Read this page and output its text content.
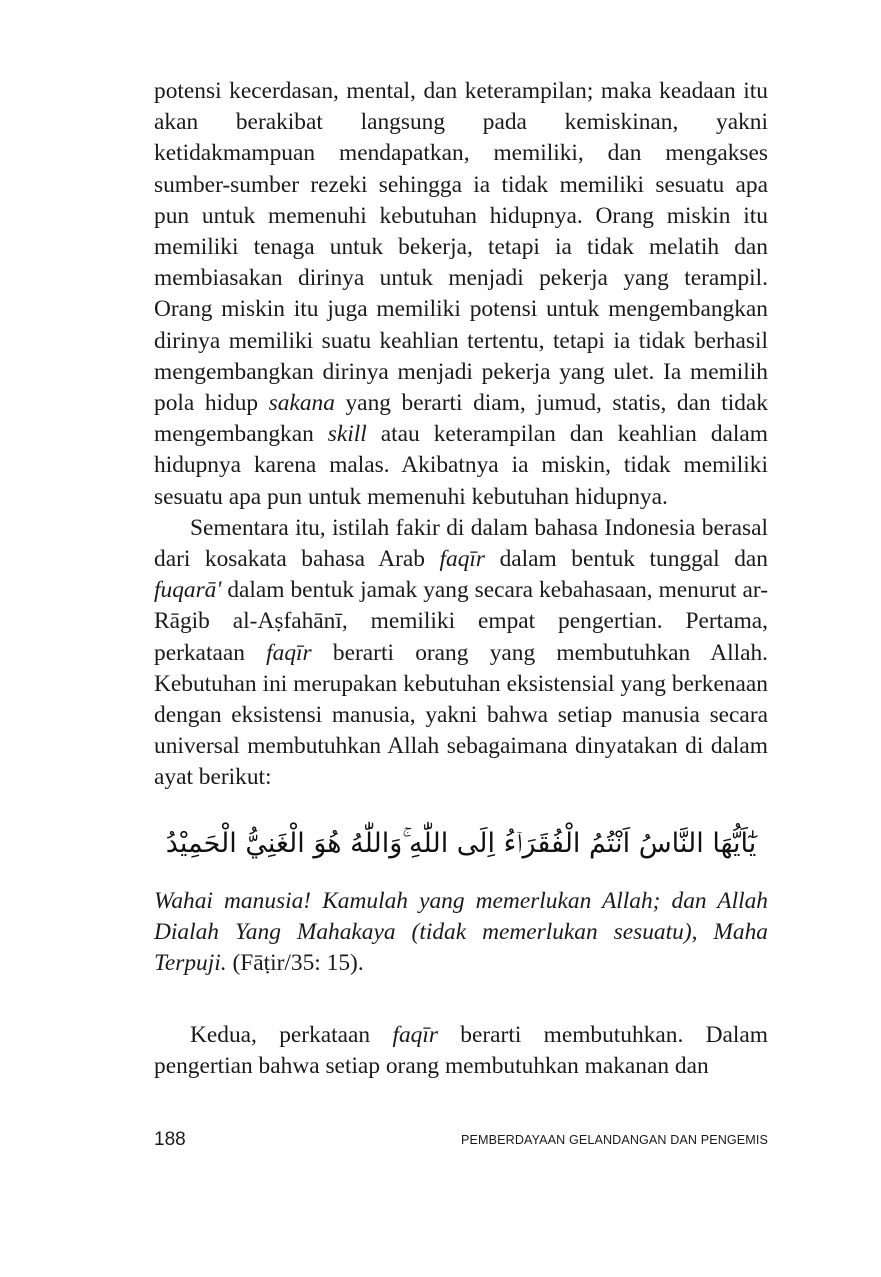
potensi kecerdasan, mental, dan keterampilan; maka keadaan itu akan berakibat langsung pada kemiskinan, yakni ketidakmampuan mendapatkan, memiliki, dan mengakses sumber-sumber rezeki sehingga ia tidak memiliki sesuatu apa pun untuk memenuhi kebutuhan hidupnya. Orang miskin itu memiliki tenaga untuk bekerja, tetapi ia tidak melatih dan membiasakan dirinya untuk menjadi pekerja yang terampil. Orang miskin itu juga memiliki potensi untuk mengembangkan dirinya memiliki suatu keahlian tertentu, tetapi ia tidak berhasil mengembangkan dirinya menjadi pekerja yang ulet. Ia memilih pola hidup sakana yang berarti diam, jumud, statis, dan tidak mengembangkan skill atau keterampilan dan keahlian dalam hidupnya karena malas. Akibatnya ia miskin, tidak memiliki sesuatu apa pun untuk memenuhi kebutuhan hidupnya.

Sementara itu, istilah fakir di dalam bahasa Indonesia berasal dari kosakata bahasa Arab faqīr dalam bentuk tunggal dan fuqarā' dalam bentuk jamak yang secara kebahasaan, menurut ar-Rāgib al-Aṣfahānī, memiliki empat pengertian. Pertama, perkataan faqīr berarti orang yang membutuhkan Allah. Kebutuhan ini merupakan kebutuhan eksistensial yang berkenaan dengan eksistensi manusia, yakni bahwa setiap manusia secara universal membutuhkan Allah sebagaimana dinyatakan di dalam ayat berikut:

يٰٓاَيُّهَا النَّاسُ اَنْتُمُ الْفُقَرَاۤءُ اِلَى اللّٰهِ ۚوَاللّٰهُ هُوَ الْغَنِيُّ الْحَمِيْدُ

Wahai manusia! Kamulah yang memerlukan Allah; dan Allah Dialah Yang Mahakaya (tidak memerlukan sesuatu), Maha Terpuji. (Fāṭir/35: 15).

Kedua, perkataan faqīr berarti membutuhkan. Dalam pengertian bahwa setiap orang membutuhkan makanan dan

188	PEMBERDAYAAN GELANDANGAN DAN PENGEMIS
